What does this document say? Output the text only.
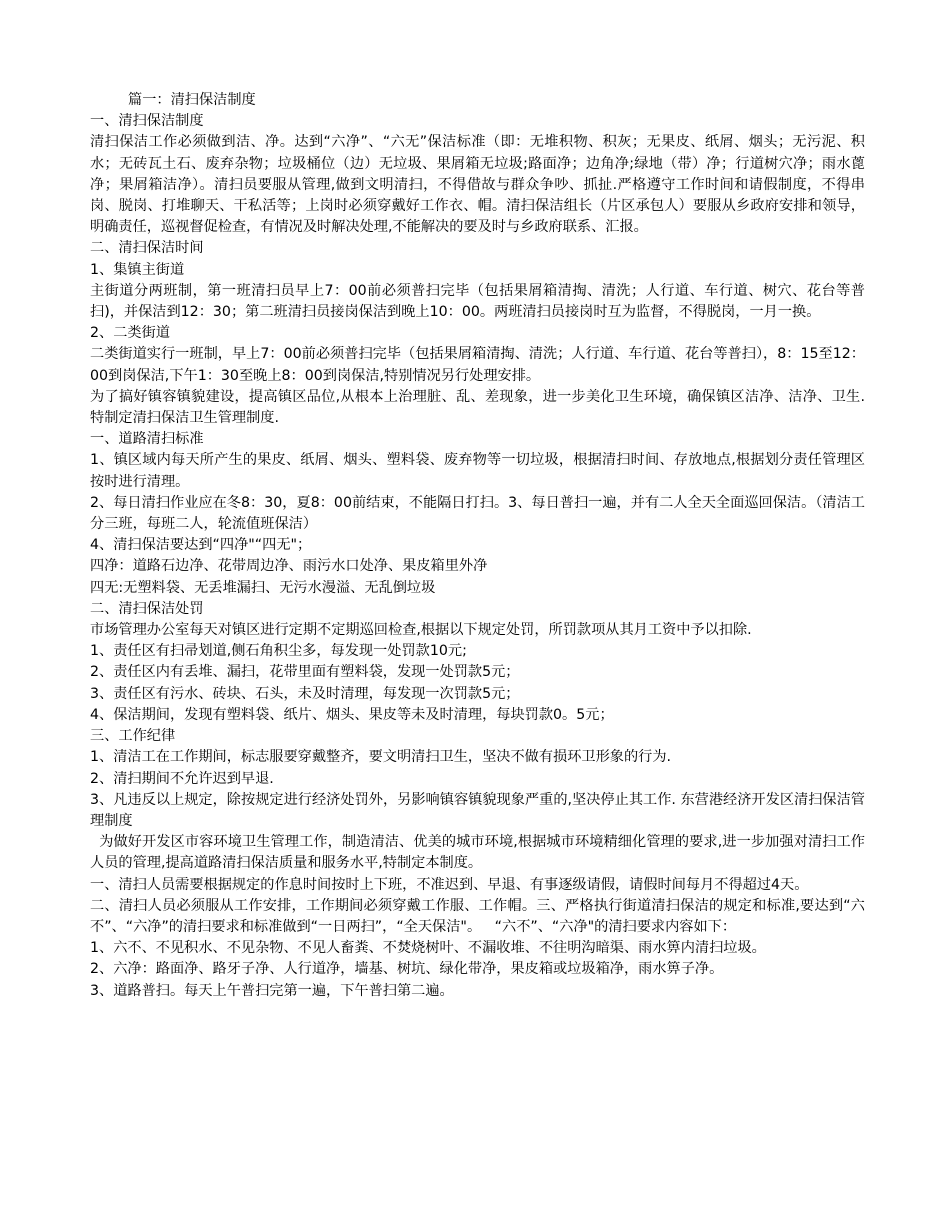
篇一：清扫保洁制度

一、清扫保洁制度

清扫保洁工作必须做到洁、净。达到“六净”、“六无”保洁标准（即：无堆积物、积灰；无果皮、纸屑、烟头；无污泥、积水；无砖瓦土石、废弃杂物；垃圾桶位（边）无垃圾、果屑箱无垃圾;路面净；边角净;绿地（带）净；行道树穴净；雨水蓖净；果屑箱洁净）。清扫员要服从管理,做到文明清扫，不得借故与群众争吵、抓扯.严格遵守工作时间和请假制度，不得串岗、脱岗、打堆聊天、干私活等；上岗时必须穿戴好工作衣、帽。清扫保洁组长（片区承包人）要服从乡政府安排和领导，明确责任，巡视督促检查，有情况及时解决处理,不能解决的要及时与乡政府联系、汇报。

二、清扫保洁时间

1、集镇主街道

主街道分两班制，第一班清扫员早上7：00前必须普扫完毕（包括果屑箱清掏、清洗；人行道、车行道、树穴、花台等普扫)，并保洁到12：30；第二班清扫员接岗保洁到晚上10：00。两班清扫员接岗时互为监督，不得脱岗，一月一换。

2、二类街道

二类街道实行一班制，早上7：00前必须普扫完毕（包括果屑箱清掏、清洗；人行道、车行道、花台等普扫），8：15至12：00到岗保洁,下午1：30至晚上8：00到岗保洁,特别情况另行处理安排。

为了搞好镇容镇貌建设，提高镇区品位,从根本上治理脏、乱、差现象，进一步美化卫生环境，确保镇区洁净、洁净、卫生.特制定清扫保洁卫生管理制度.

一、道路清扫标准

1、镇区域内每天所产生的果皮、纸屑、烟头、塑料袋、废弃物等一切垃圾，根据清扫时间、存放地点,根据划分责任管理区按时进行清理。

2、每日清扫作业应在冬8：30，夏8：00前结束，不能隔日打扫。3、每日普扫一遍，并有二人全天全面巡回保洁。（清洁工分三班，每班二人，轮流值班保洁）

4、清扫保洁要达到“四净"“四无"；

四净：道路石边净、花带周边净、雨污水口处净、果皮箱里外净

四无:无塑料袋、无丢堆漏扫、无污水漫溢、无乱倒垃圾

二、清扫保洁处罚

市场管理办公室每天对镇区进行定期不定期巡回检查,根据以下规定处罚，所罚款项从其月工资中予以扣除.

1、责任区有扫帚划道,侧石角积尘多，每发现一处罚款10元;

2、责任区内有丢堆、漏扫，花带里面有塑料袋，发现一处罚款5元；

3、责任区有污水、砖块、石头，未及时清理，每发现一次罚款5元；

4、保洁期间，发现有塑料袋、纸片、烟头、果皮等未及时清理，每块罚款0。5元；

三、工作纪律

1、清洁工在工作期间，标志服要穿戴整齐，要文明清扫卫生，坚决不做有损环卫形象的行为.

2、清扫期间不允许迟到早退.

3、凡违反以上规定，除按规定进行经济处罚外，另影响镇容镇貌现象严重的,坚决停止其工作. 东营港经济开发区清扫保洁管理制度

为做好开发区市容环境卫生管理工作，制造清洁、优美的城市环境,根据城市环境精细化管理的要求,进一步加强对清扫工作人员的管理,提高道路清扫保洁质量和服务水平,特制定本制度。

一、清扫人员需要根据规定的作息时间按时上下班，不准迟到、早退、有事逐级请假，请假时间每月不得超过4天。

二、清扫人员必须服从工作安排，工作期间必须穿戴工作服、工作帽。三、严格执行街道清扫保洁的规定和标准,要达到“六不”、“六净”的清扫要求和标准做到“一日两扫”，“全天保洁"。   “六不”、“六净"的清扫要求内容如下：

1、六不、不见积水、不见杂物、不见人畜粪、不焚烧树叶、不漏收堆、不往明沟暗渠、雨水箅内清扫垃圾。

2、六净：路面净、路牙子净、人行道净，墙基、树坑、绿化带净，果皮箱或垃圾箱净，雨水箅子净。

3、道路普扫。每天上午普扫完第一遍，下午普扫第二遍。
